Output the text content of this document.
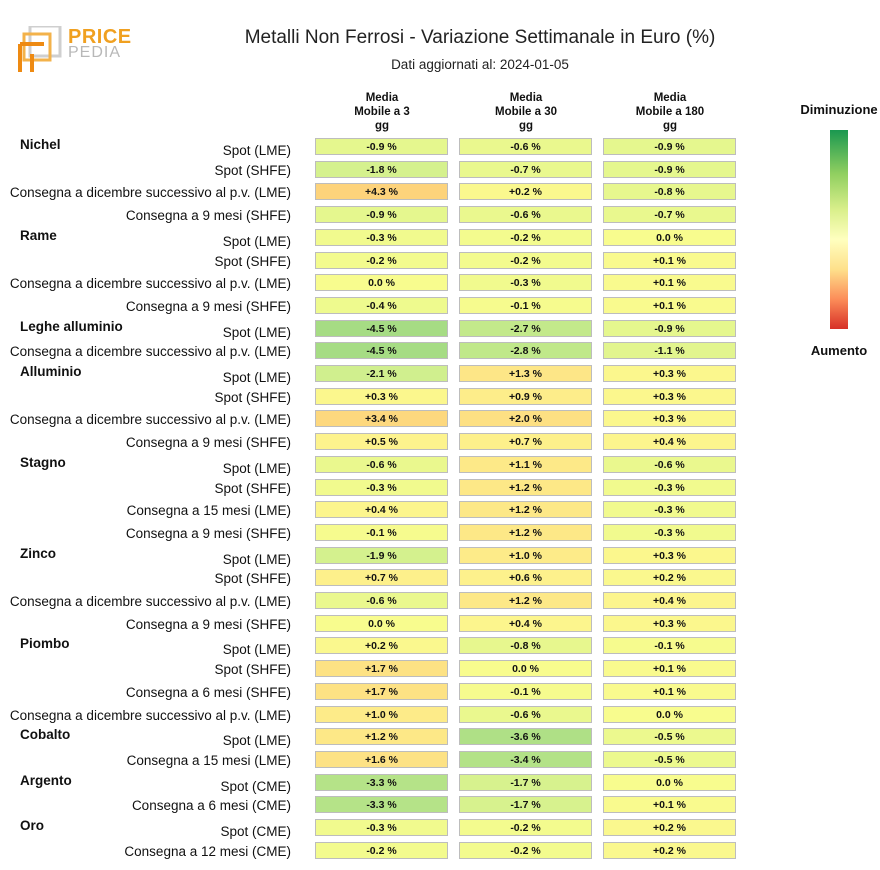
PRICE
PEDIA
Metalli Non Ferrosi - Variazione Settimanale in Euro (%)
Dati aggiornati al: 2024-01-05
Media
Mobile a 3
gg
Media
Mobile a 30
gg
Media
Mobile a 180
gg
Nichel	Spot (LME)	-0.9 %	-0.6 %	-0.9 %
Spot (SHFE)	-1.8 %	-0.7 %	-0.9 %
Consegna a dicembre successivo al p.v. (LME)	+4.3 %	+0.2 %	-0.8 %
Consegna a 9 mesi (SHFE)	-0.9 %	-0.6 %	-0.7 %
Rame	Spot (LME)	-0.3 %	-0.2 %	0.0 %
Spot (SHFE)	-0.2 %	-0.2 %	+0.1 %
Consegna a dicembre successivo al p.v. (LME)	0.0 %	-0.3 %	+0.1 %
Consegna a 9 mesi (SHFE)	-0.4 %	-0.1 %	+0.1 %
Leghe alluminio	Spot (LME)	-4.5 %	-2.7 %	-0.9 %
Consegna a dicembre successivo al p.v. (LME)	-4.5 %	-2.8 %	-1.1 %
Alluminio	Spot (LME)	-2.1 %	+1.3 %	+0.3 %
Spot (SHFE)	+0.3 %	+0.9 %	+0.3 %
Consegna a dicembre successivo al p.v. (LME)	+3.4 %	+2.0 %	+0.3 %
Consegna a 9 mesi (SHFE)	+0.5 %	+0.7 %	+0.4 %
Stagno	Spot (LME)	-0.6 %	+1.1 %	-0.6 %
Spot (SHFE)	-0.3 %	+1.2 %	-0.3 %
Consegna a 15 mesi (LME)	+0.4 %	+1.2 %	-0.3 %
Consegna a 9 mesi (SHFE)	-0.1 %	+1.2 %	-0.3 %
Zinco	Spot (LME)	-1.9 %	+1.0 %	+0.3 %
Spot (SHFE)	+0.7 %	+0.6 %	+0.2 %
Consegna a dicembre successivo al p.v. (LME)	-0.6 %	+1.2 %	+0.4 %
Consegna a 9 mesi (SHFE)	0.0 %	+0.4 %	+0.3 %
Piombo	Spot (LME)	+0.2 %	-0.8 %	-0.1 %
Spot (SHFE)	+1.7 %	0.0 %	+0.1 %
Consegna a 6 mesi (SHFE)	+1.7 %	-0.1 %	+0.1 %
Consegna a dicembre successivo al p.v. (LME)	+1.0 %	-0.6 %	0.0 %
Cobalto	Spot (LME)	+1.2 %	-3.6 %	-0.5 %
Consegna a 15 mesi (LME)	+1.6 %	-3.4 %	-0.5 %
Argento	Spot (CME)	-3.3 %	-1.7 %	0.0 %
Consegna a 6 mesi (CME)	-3.3 %	-1.7 %	+0.1 %
Oro	Spot (CME)	-0.3 %	-0.2 %	+0.2 %
Consegna a 12 mesi (CME)	-0.2 %	-0.2 %	+0.2 %
Diminuzione
Aumento
